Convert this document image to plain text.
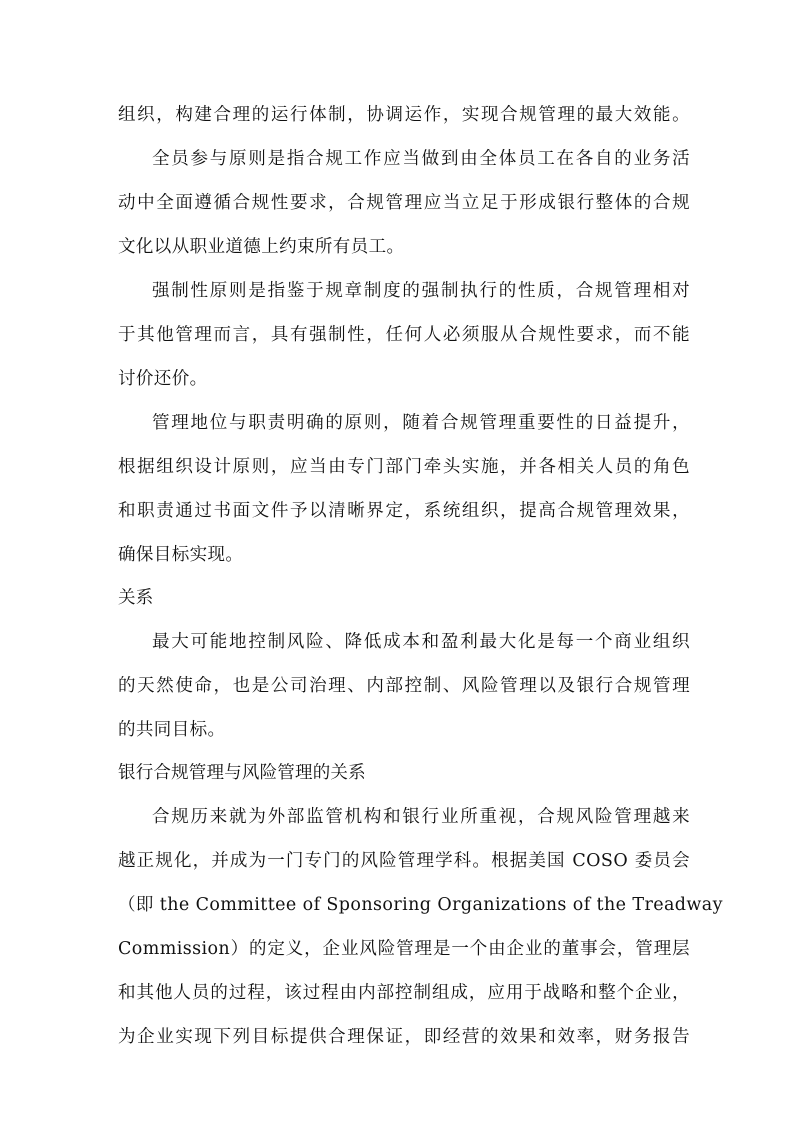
组织，构建合理的运行体制，协调运作，实现合规管理的最大效能。
全员参与原则是指合规工作应当做到由全体员工在各自的业务活
动中全面遵循合规性要求，合规管理应当立足于形成银行整体的合规
文化以从职业道德上约束所有员工。
强制性原则是指鉴于规章制度的强制执行的性质，合规管理相对
于其他管理而言，具有强制性，任何人必须服从合规性要求，而不能
讨价还价。
管理地位与职责明确的原则，随着合规管理重要性的日益提升，
根据组织设计原则，应当由专门部门牵头实施，并各相关人员的角色
和职责通过书面文件予以清晰界定，系统组织，提高合规管理效果，
确保目标实现。
关系
最大可能地控制风险、降低成本和盈利最大化是每一个商业组织
的天然使命，也是公司治理、内部控制、风险管理以及银行合规管理
的共同目标。
银行合规管理与风险管理的关系
合规历来就为外部监管机构和银行业所重视，合规风险管理越来
越正规化，并成为一门专门的风险管理学科。根据美国 COSO 委员会
（即 the Committee of Sponsoring Organizations of the Treadway
Commission）的定义，企业风险管理是一个由企业的董事会，管理层
和其他人员的过程，该过程由内部控制组成，应用于战略和整个企业，
为企业实现下列目标提供合理保证，即经营的效果和效率，财务报告
